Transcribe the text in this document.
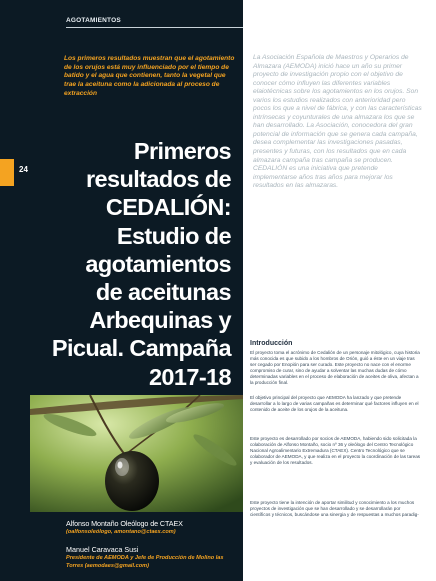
AGOTAMIENTOS
Los primeros resultados muestran que el agotamiento de los orujos está muy influenciado por el tiempo de batido y el agua que contienen, tanto la vegetal que trae la aceituna como la adicionada al proceso de extracción
Primeros
resultados de
CEDALIÓN:
Estudio de
agotamientos
de aceitunas
Arbequinas y
Picual. Campaña
2017-18
Alfonso Montaño Oleólogo de CTAEX
(oalfonsoleólogo, amontano@ctaex.com)
Manuel Caravaca Susi
Presidente de AEMODA y Jefe de Producción de Molino las Torres (aemodaes@gmail.com)
24
La Asociación Española de Maestros y Operarios de Almazara (AEMODA) inició hace un año su primer proyecto de investigación propio con el objetivo de conocer cómo influyen las diferentes variables elaiotécnicas sobre los agotamientos en los orujos. Son varios los estudios realizados con anterioridad pero pocos los que a nivel de fábrica, y con las características intrínsecas y coyunturales de una almazara los que se han desarrollado. La Asociación, conocedora del gran potencial de información que se genera cada campaña, desea complementar las investigaciones pasadas, presentes y futuras, con los resultados que en cada almazara campaña tras campaña se producen. CEDALIÓN es una iniciativa que pretende implementarse años tras años para mejorar los resultados en las almazaras.
Introducción
El proyecto toma el acrónimo de Cedalión de un personaje mitológico, cuya historia más conocida es que subido a los hombros de Orión, guió a éste en un viaje tras ser cegado por Enopión para ser curado. Este proyecto no nace con el enorme compromiso de curar, sino de ayudar a solventar las muchas dudas de cómo determinadas variables en el proceso de elaboración de aceites de oliva, afectan a la producción final.
El objetivo principal del proyecto que AEMODA ha lanzado y que pretende desarrollar a lo largo de varias campañas es determinar qué factores influyen en el contenido de aceite de los orujos de la aceituna.
Este proyecto es desarrollado por socios de AEMODA, habiendo sido solicitada la colaboración de Alfonso Montaño, socio nº 36 y oleólogo del Centro Tecnológico Nacional Agroalimentario Extremadura (CTAEX). Centro Tecnológico que se colaborador de AEMODA, y que realiza en el proyecto la coordinación de las tareas y evaluación de los resultados.
Este proyecto tiene la intención de aportar similitud y conocimiento a los muchos proyectos de investigación que se han desarrollado y se desarrollarán por científicos y técnicos, buscándose una sinergia y de respuestas a muchos paradig-
